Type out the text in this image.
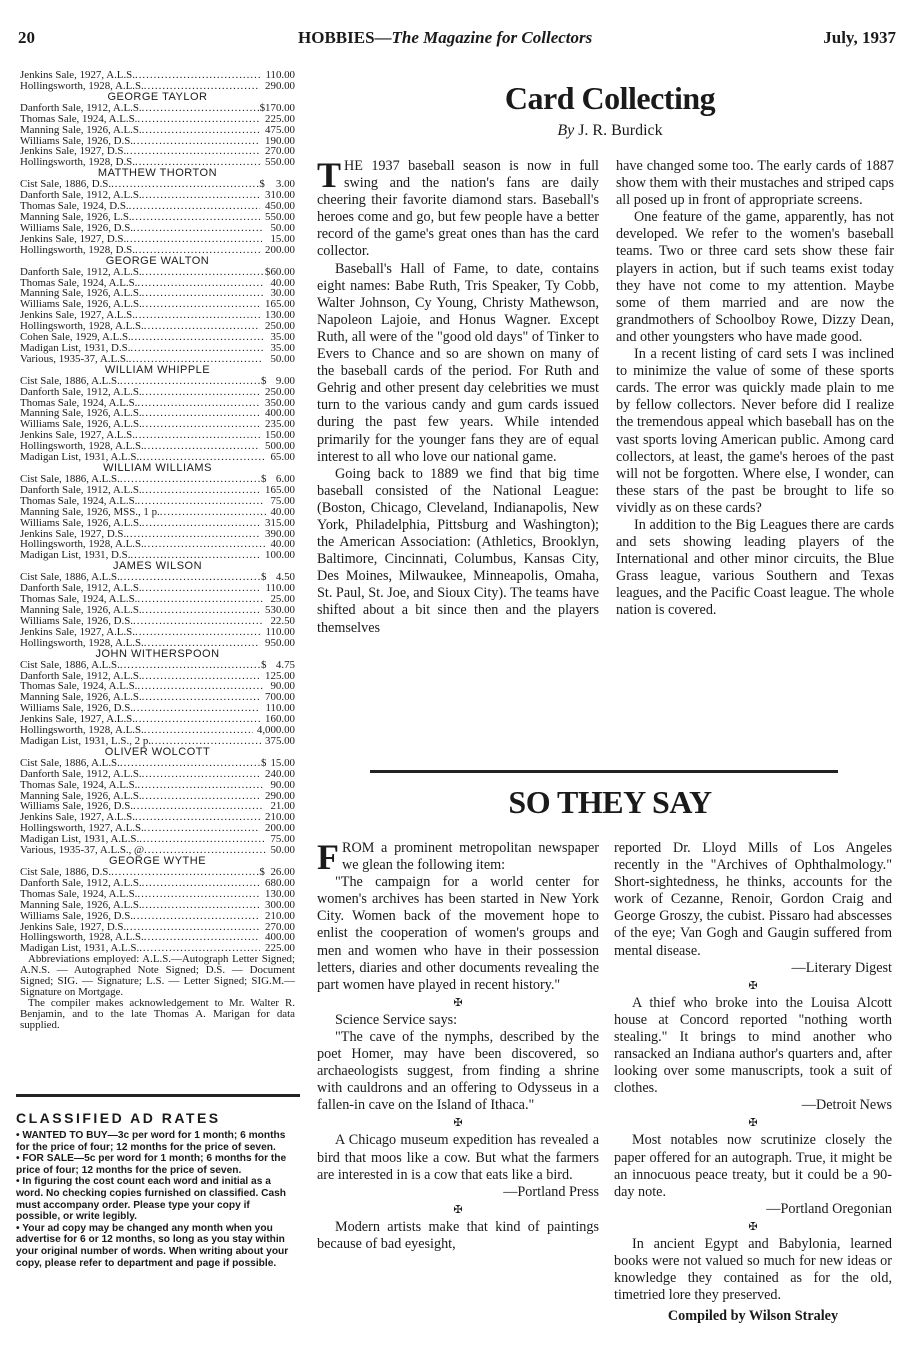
20	HOBBIES—The Magazine for Collectors	July, 1937
Jenkins Sale, 1927, A.L.S. .....	110.00
Hollingsworth, 1928, A.L.S. .....	290.00
GEORGE TAYLOR
Danforth Sale, 1912, A.L.S. .....	$ 170.00
Thomas Sale, 1924, A.L.S. .....	225.00
Manning Sale, 1926, A.L.S. .....	475.00
Williams Sale, 1926, D.S. .....	190.00
Jenkins Sale, 1927, D.S. .....	270.00
Hollingsworth, 1928, D.S. .....	550.00
MATTHEW THORTON
Cist Sale, 1886, D.S. .....	$	3.00
Danforth Sale, 1912, A.L.S. .....	310.00
Thomas Sale, 1924, D.S. .....	450.00
Manning Sale, 1926, L.S. .....	550.00
Williams Sale, 1926, D.S. .....	50.00
Jenkins Sale, 1927, D.S. .....	15.00
Hollingsworth, 1928, D.S. .....	200.00
GEORGE WALTON
Danforth Sale, 1912, A.L.S. .....	$ 60.00
Thomas Sale, 1924, A.L.S. .....	40.00
Manning Sale, 1926, A.L.S. .....	30.00
Williams Sale, 1926, A.L.S. .....	165.00
Jenkins Sale, 1927, A.L.S. .....	130.00
Hollingsworth, 1928, A.L.S. .....	250.00
Cohen Sale, 1929, A.L.S. .....	35.00
Madigan List, 1931, D.S. .....	35.00
Various, 1935-37, A.L.S. .....	50.00
WILLIAM WHIPPLE
Cist Sale, 1886, A.L.S. .....	$ 9.00
Danforth Sale, 1912, A.L.S. .....	250.00
Thomas Sale, 1924, A.L.S. .....	350.00
Manning Sale, 1926, A.L.S. .....	400.00
Williams Sale, 1926, A.L.S. .....	235.00
Jenkins Sale, 1927, A.L.S. .....	150.00
Hollingsworth, 1928, A.L.S. .....	500.00
Madigan List, 1931, A.L.S. .....	65.00
WILLIAM WILLIAMS
Cist Sale, 1886, A.L.S. .....	$ 6.00
Danforth Sale, 1912, A.L.S. .....	165.00
Thomas Sale, 1924, A.L.S. .....	75.00
Manning Sale, 1926, MSS., 1 p. .....	40.00
Williams Sale, 1926, A.L.S. .....	315.00
Jenkins Sale, 1927, D.S. .....	390.00
Hollingsworth, 1928, A.L.S. .....	40.00
Madigan List, 1931, D.S. .....	100.00
JAMES WILSON
Cist Sale, 1886, A.L.S. .....	$ 4.50
Danforth Sale, 1912, A.L.S. .....	110.00
Thomas Sale, 1924, A.L.S. .....	25.00
Manning Sale, 1926, A.L.S. .....	530.00
Williams Sale, 1926, D.S. .....	22.50
Jenkins Sale, 1927, A.L.S. .....	110.00
Hollingsworth, 1928, A.L.S. .....	950.00
JOHN WITHERSPOON
Cist Sale, 1886, A.L.S. .....	$ 4.75
Danforth Sale, 1912, A.L.S. .....	125.00
Thomas Sale, 1924, A.L.S. .....	90.00
Manning Sale, 1926, A.L.S. .....	700.00
Williams Sale, 1926, D.S. .....	110.00
Jenkins Sale, 1927, A.L.S. .....	160.00
Hollingsworth, 1928, A.L.S. .....	4,000.00
Madigan List, 1931, L.S., 2 p. .....	375.00
OLIVER WOLCOTT
Cist Sale, 1886, A.L.S. .....	$ 15.00
Danforth Sale, 1912, A.L.S. .....	240.00
Thomas Sale, 1924, A.L.S. .....	90.00
Manning Sale, 1926, A.L.S. .....	290.00
Williams Sale, 1926, D.S. .....	21.00
Jenkins Sale, 1927, A.L.S. .....	210.00
Hollingsworth, 1927, A.L.S. .....	200.00
Madigan List, 1931, A.L.S. .....	75.00
Various, 1935-37, A.L.S., @ .....	50.00
GEORGE WYTHE
Cist Sale, 1886, D.S. .....	$ 26.00
Danforth Sale, 1912, A.L.S. .....	680.00
Thomas Sale, 1924, A.L.S. .....	130.00
Manning Sale, 1926, A.L.S. .....	300.00
Williams Sale, 1926, D.S. .....	210.00
Jenkins Sale, 1927, D.S. .....	270.00
Hollingsworth, 1928, A.L.S. .....	400.00
Madigan List, 1931, A.L.S. .....	225.00

Abbreviations employed: A.L.S.—Autograph Letter Signed; A.N.S. — Autographed Note Signed; D.S. — Document Signed; SIG. — Signature; L.S. — Letter Signed; SIG.M.—Signature on Mortgage.

The compiler makes acknowledgement to Mr. Walter R. Benjamin, and to the late Thomas A. Marigan for data supplied.

CLASSIFIED AD RATES

• WANTED TO BUY—3c per word for 1 month; 6 months for the price of four; 12 months for the price of seven.

• FOR SALE—5c per word for 1 month; 6 months for the price of four; 12 months for the price of seven.

• In figuring the cost count each word and initial as a word. No checking copies furnished on classified. Cash must accompany order. Please type your copy if possible, or write legibly.

• Your ad copy may be changed any month when you advertise for 6 or 12 months, so long as you stay within your original number of words. When writing about your copy, please refer to department and page if possible.

Card Collecting
By J. R. Burdick

THE 1937 baseball season is now in full swing and the nation's fans are daily cheering their favorite diamond stars. Baseball's heroes come and go, but few people have a better record of the game's great ones than has the card collector.

Baseball's Hall of Fame, to date, contains eight names: Babe Ruth, Tris Speaker, Ty Cobb, Walter Johnson, Cy Young, Christy Mathewson, Napoleon Lajoie, and Honus Wagner. Except Ruth, all were of the "good old days" of Tinker to Evers to Chance and so are shown on many of the baseball cards of the period. For Ruth and Gehrig and other present day celebrities we must turn to the various candy and gum cards issued during the past few years. While intended primarily for the younger fans they are of equal interest to all who love our national game.

Going back to 1889 we find that big time baseball consisted of the National League: (Boston, Chicago, Cleveland, Indianapolis, New York, Philadelphia, Pittsburg and Washington); the American Association: (Athletics, Brooklyn, Baltimore, Cincinnati, Columbus, Kansas City, Des Moines, Milwaukee, Minneapolis, Omaha, St. Paul, St. Joe, and Sioux City). The teams have shifted about a bit since then and the players themselves

have changed some too. The early cards of 1887 show them with their mustaches and striped caps all posed up in front of appropriate screens.

One feature of the game, apparently, has not developed. We refer to the women's baseball teams. Two or three card sets show these fair players in action, but if such teams exist today they have not come to my attention. Maybe some of them married and are now the grandmothers of Schoolboy Rowe, Dizzy Dean, and other youngsters who have made good.

In a recent listing of card sets I was inclined to minimize the value of some of these sports cards. The error was quickly made plain to me by fellow collectors. Never before did I realize the tremendous appeal which baseball has on the vast sports loving American public. Among card collectors, at least, the game's heroes of the past will not be forgotten. Where else, I wonder, can these stars of the past be brought to life so vividly as on these cards?

In addition to the Big Leagues there are cards and sets showing leading players of the International and other minor circuits, the Blue Grass league, various Southern and Texas leagues, and the Pacific Coast league. The whole nation is covered.

SO THEY SAY

FROM a prominent metropolitan newspaper we glean the following item:

"The campaign for a world center for women's archives has been started in New York City. Women back of the movement hope to enlist the cooperation of women's groups and men and women who have in their possession letters, diaries and other documents revealing the part women have played in recent history."

✠

Science Service says:

"The cave of the nymphs, described by the poet Homer, may have been discovered, so archaeologists suggest, from finding a shrine with cauldrons and an offering to Odysseus in a fallen-in cave on the Island of Ithaca."

✠

A Chicago museum expedition has revealed a bird that moos like a cow. But what the farmers are interested in is a cow that eats like a bird.

—Portland Press
✠

Modern artists make that kind of paintings because of bad eyesight,

reported Dr. Lloyd Mills of Los Angeles recently in the "Archives of Ophthalmology." Short-sightedness, he thinks, accounts for the work of Cezanne, Renoir, Gordon Craig and George Groszy, the cubist. Pissaro had abscesses of the eye; Van Gogh and Gaugin suffered from mental disease.

—Literary Digest
✠

A thief who broke into the Louisa Alcott house at Concord reported "nothing worth stealing." It brings to mind another who ransacked an Indiana author's quarters and, after looking over some manuscripts, took a suit of clothes.

—Detroit News
✠

Most notables now scrutinize closely the paper offered for an autograph. True, it might be an innocuous peace treaty, but it could be a 90-day note.

—Portland Oregonian
✠

In ancient Egypt and Babylonia, learned books were not valued so much for new ideas or knowledge they contained as for the old, timetried lore they preserved.

Compiled by Wilson Straley
